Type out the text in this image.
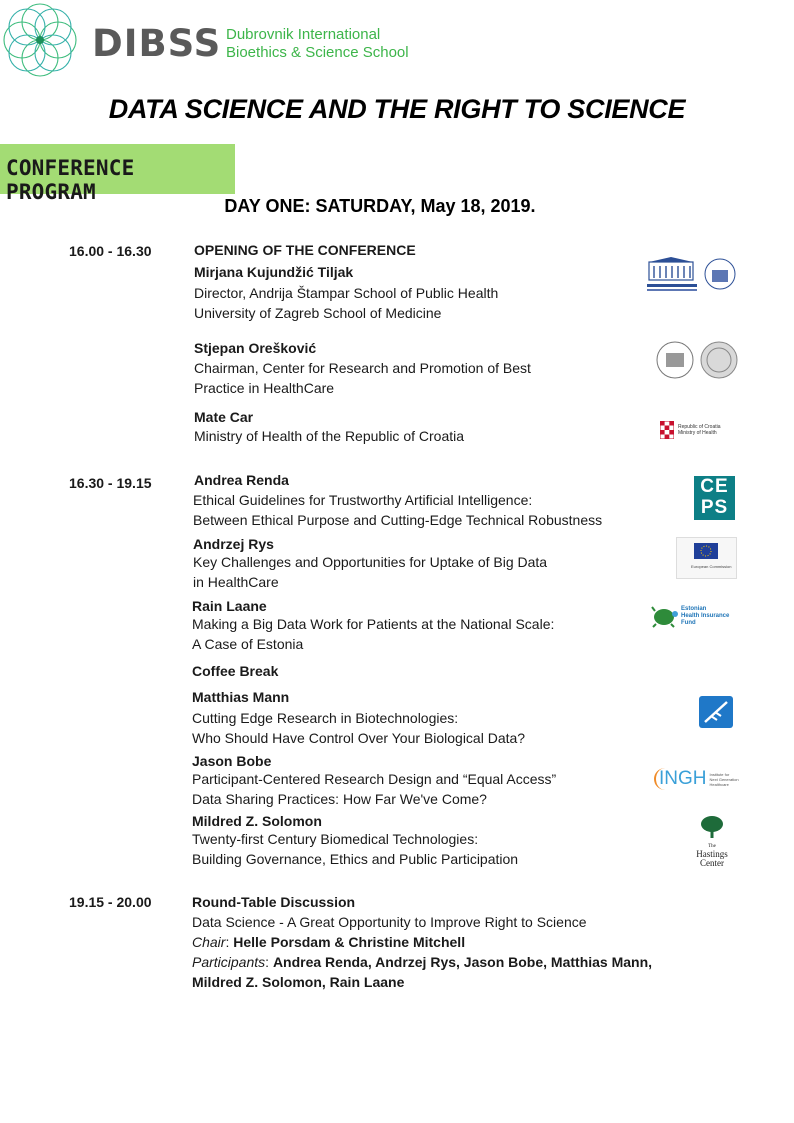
DIBSS Dubrovnik International
Bioethics & Science School
DATA SCIENCE AND THE RIGHT TO SCIENCE
CONFERENCE PROGRAM
DAY ONE: SATURDAY, May 18, 2019.
16.00 - 16.30	OPENING OF THE CONFERENCE
Mirjana Kujundžić Tiljak
Director, Andrija Štampar School of Public Health
University of Zagreb School of Medicine
Stjepan Orešković
Chairman, Center for Research and Promotion of Best
Practice in HealthCare
Mate Car
Ministry of Health of the Republic of Croatia
Republic of Croatia
Ministry of Health
16.30 - 19.15	Andrea Renda
Ethical Guidelines for Trustworthy Artificial Intelligence:
Between Ethical Purpose and Cutting-Edge Technical Robustness
CE
PS
Andrzej Rys
Key Challenges and Opportunities for Uptake of Big Data
in HealthCare
European Commission
Rain Laane
Making a Big Data Work for Patients at the National Scale:
A Case of Estonia
Estonian
Health Insurance
Fund
Coffee Break
Matthias Mann
Cutting Edge Research in Biotechnologies:
Who Should Have Control Over Your Biological Data?
Jason Bobe
Participant-Centered Research Design and “Equal Access”
Data Sharing Practices: How Far We've Come?
INGH Institute for
Next Generation
Healthcare
Mildred Z. Solomon
Twenty-first Century Biomedical Technologies:
Building Governance, Ethics and Public Participation
The
Hastings
Center
19.15 - 20.00	Round-Table Discussion
Data Science - A Great Opportunity to Improve Right to Science
Chair: Helle Porsdam & Christine Mitchell
Participants: Andrea Renda, Andrzej Rys, Jason Bobe, Matthias Mann,
Mildred Z. Solomon, Rain Laane
